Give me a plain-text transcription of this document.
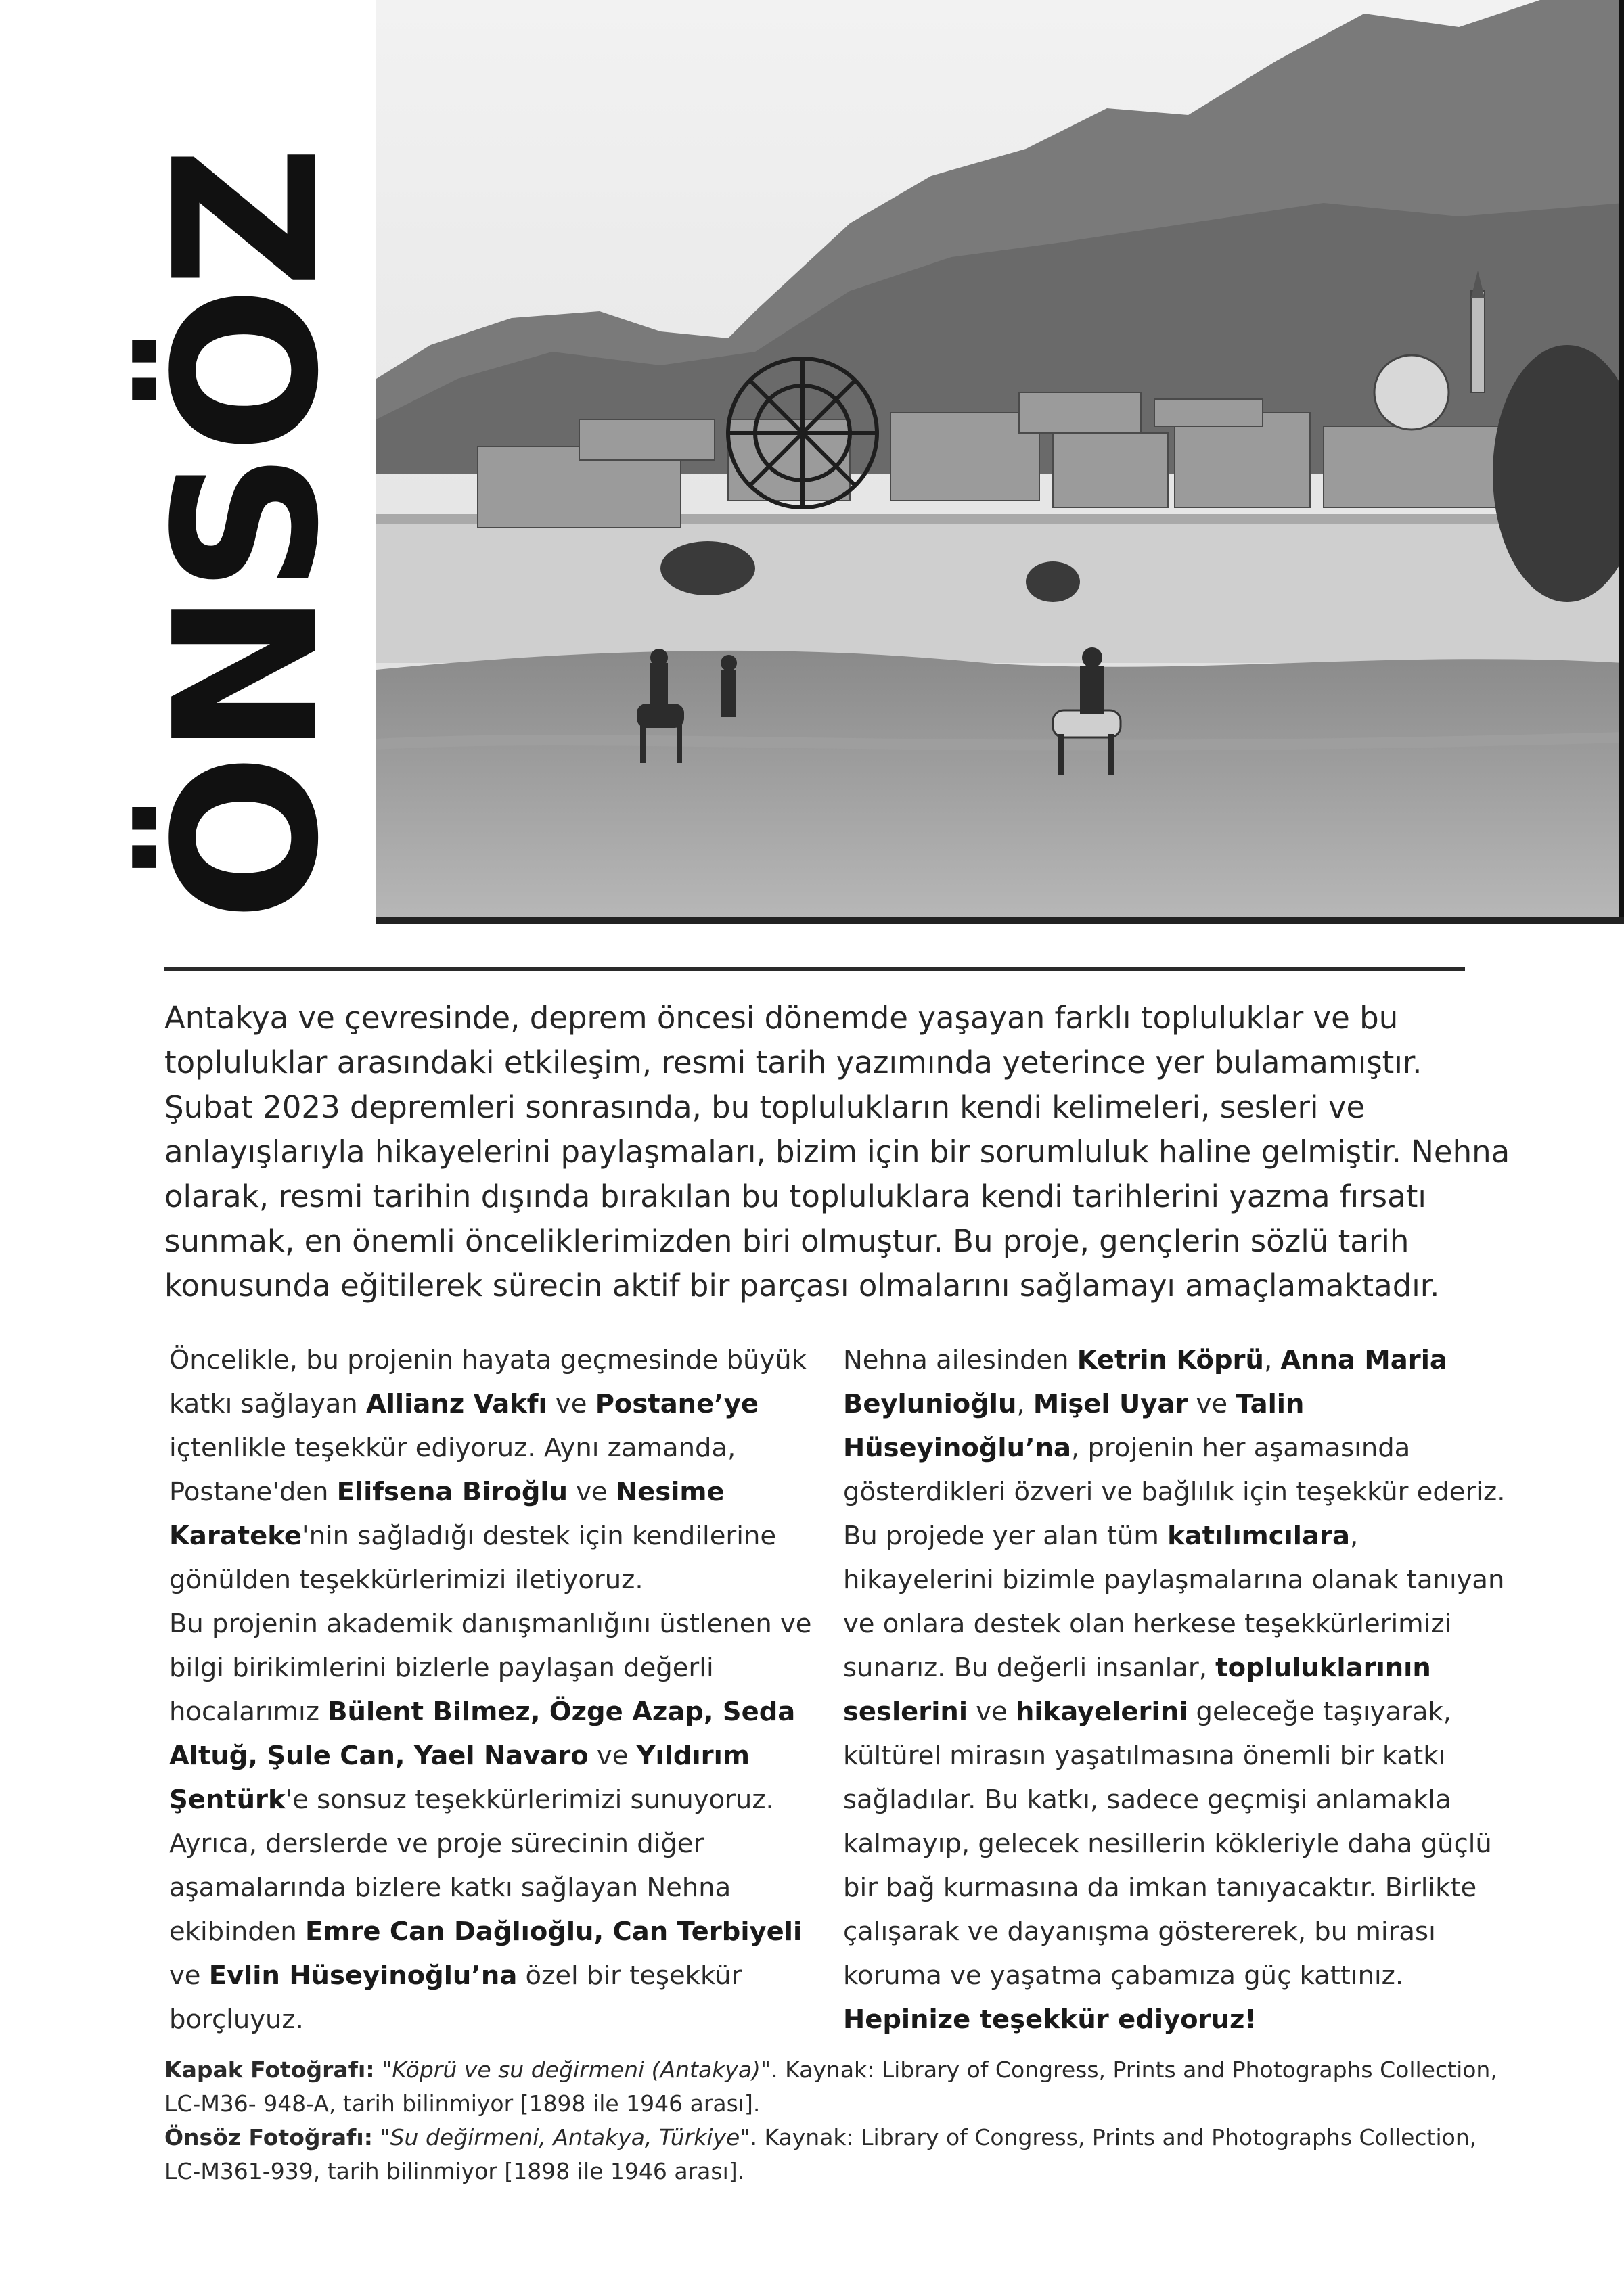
ÖNSÖZ
Antakya ve çevresinde, deprem öncesi dönemde yaşayan farklı topluluklar ve bu topluluklar arasındaki etkileşim, resmi tarih yazımında yeterince yer bulamamıştır. Şubat 2023 depremleri sonrasında, bu toplulukların kendi kelimeleri, sesleri ve anlayışlarıyla hikayelerini paylaşmaları, bizim için bir sorumluluk haline gelmiştir. Nehna olarak, resmi tarihin dışında bırakılan bu topluluklara kendi tarihlerini yazma fırsatı sunmak, en önemli önceliklerimizden biri olmuştur. Bu proje, gençlerin sözlü tarih konusunda eğitilerek sürecin aktif bir parçası olmalarını sağlamayı amaçlamaktadır.

Öncelikle, bu projenin hayata geçmesinde büyük katkı sağlayan Allianz Vakfı ve Postane’ye içtenlikle teşekkür ediyoruz. Aynı zamanda, Postane'den Elifsena Biroğlu ve Nesime Karateke'nin sağladığı destek için kendilerine gönülden teşekkürlerimizi iletiyoruz.

Bu projenin akademik danışmanlığını üstlenen ve bilgi birikimlerini bizlerle paylaşan değerli hocalarımız Bülent Bilmez, Özge Azap, Seda Altuğ, Şule Can, Yael Navaro ve Yıldırım Şentürk'e sonsuz teşekkürlerimizi sunuyoruz.

Ayrıca, derslerde ve proje sürecinin diğer aşamalarında bizlere katkı sağlayan Nehna ekibinden Emre Can Dağlıoğlu, Can Terbiyeli ve Evlin Hüseyinoğlu’na özel bir teşekkür borçluyuz.

Nehna ailesinden Ketrin Köprü, Anna Maria Beylunioğlu, Mişel Uyar ve Talin Hüseyinoğlu’na, projenin her aşamasında gösterdikleri özveri ve bağlılık için teşekkür ederiz.

Bu projede yer alan tüm katılımcılara, hikayelerini bizimle paylaşmalarına olanak tanıyan ve onlara destek olan herkese teşekkürlerimizi sunarız. Bu değerli insanlar, topluluklarının seslerini ve hikayelerini geleceğe taşıyarak, kültürel mirasın yaşatılmasına önemli bir katkı sağladılar. Bu katkı, sadece geçmişi anlamakla kalmayıp, gelecek nesillerin kökleriyle daha güçlü bir bağ kurmasına da imkan tanıyacaktır. Birlikte çalışarak ve dayanışma göstererek, bu mirası koruma ve yaşatma çabamıza güç kattınız.

Hepinize teşekkür ediyoruz!

Kapak Fotoğrafı: "Köprü ve su değirmeni (Antakya)". Kaynak: Library of Congress, Prints and Photographs Collection, LC-M36- 948-A, tarih bilinmiyor [1898 ile 1946 arası].

Önsöz Fotoğrafı: "Su değirmeni, Antakya, Türkiye". Kaynak: Library of Congress, Prints and Photographs Collection, LC-M361-939, tarih bilinmiyor [1898 ile 1946 arası].
